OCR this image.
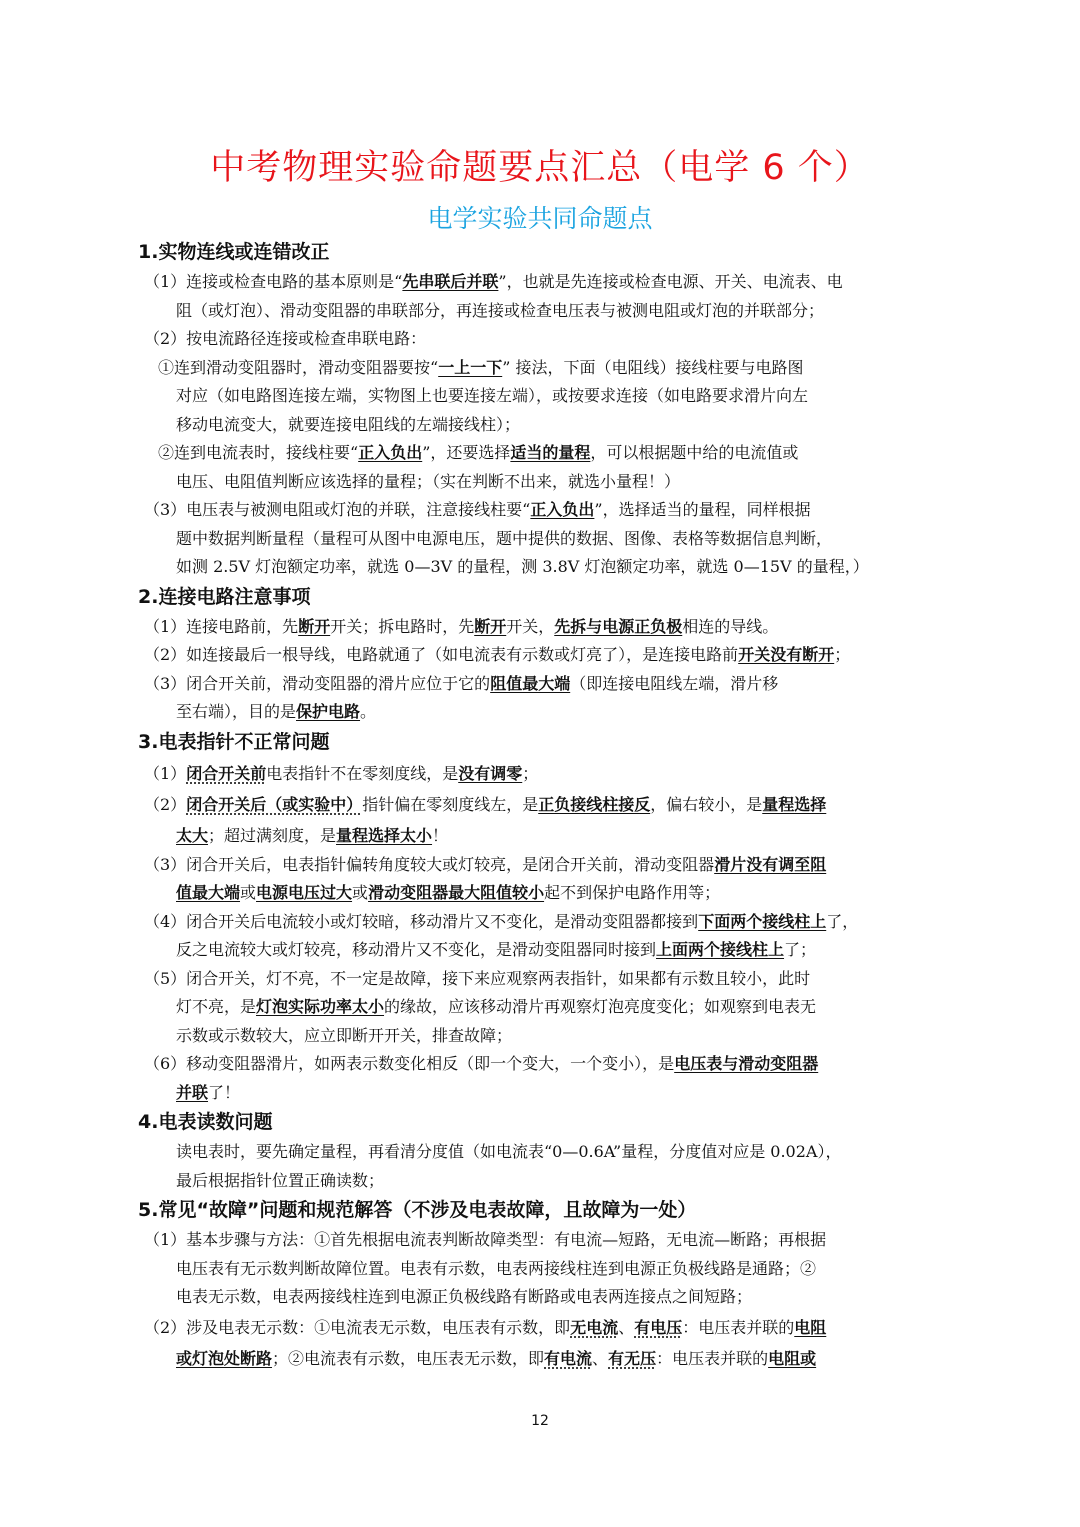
中考物理实验命题要点汇总（电学 6 个）
电学实验共同命题点
1.实物连线或连错改正
（1）连接或检查电路的基本原则是“先串联后并联”，也就是先连接或检查电源、开关、电流表、电
阻（或灯泡）、滑动变阻器的串联部分，再连接或检查电压表与被测电阻或灯泡的并联部分；
（2）按电流路径连接或检查串联电路：
①连到滑动变阻器时，滑动变阻器要按“一上一下” 接法，下面（电阻线）接线柱要与电路图
对应（如电路图连接左端，实物图上也要连接左端），或按要求连接（如电路要求滑片向左
移动电流变大，就要连接电阻线的左端接线柱）；
②连到电流表时，接线柱要“正入负出”，还要选择适当的量程，可以根据题中给的电流值或
电压、电阻值判断应该选择的量程；（实在判断不出来，就选小量程！）
（3）电压表与被测电阻或灯泡的并联，注意接线柱要“正入负出”，选择适当的量程，同样根据
题中数据判断量程（量程可从图中电源电压，题中提供的数据、图像、表格等数据信息判断，
如测 2.5V 灯泡额定功率，就选 0—3V 的量程，测 3.8V 灯泡额定功率，就选 0—15V 的量程，）
2.连接电路注意事项
（1）连接电路前，先断开开关；拆电路时，先断开开关，先拆与电源正负极相连的导线。
（2）如连接最后一根导线，电路就通了（如电流表有示数或灯亮了），是连接电路前开关没有断开；
（3）闭合开关前，滑动变阻器的滑片应位于它的阻值最大端（即连接电阻线左端，滑片移
至右端），目的是保护电路。
3.电表指针不正常问题
（1）闭合开关前电表指针不在零刻度线，是没有调零；
（2）闭合开关后（或实验中）指针偏在零刻度线左，是正负接线柱接反，偏右较小，是量程选择
太大；超过满刻度，是量程选择太小！
（3）闭合开关后，电表指针偏转角度较大或灯较亮，是闭合开关前，滑动变阻器滑片没有调至阻
值最大端或电源电压过大或滑动变阻器最大阻值较小起不到保护电路作用等；
（4）闭合开关后电流较小或灯较暗，移动滑片又不变化，是滑动变阻器都接到下面两个接线柱上了，
反之电流较大或灯较亮，移动滑片又不变化，是滑动变阻器同时接到上面两个接线柱上了；
（5）闭合开关，灯不亮，不一定是故障，接下来应观察两表指针，如果都有示数且较小，此时
灯不亮，是灯泡实际功率太小的缘故，应该移动滑片再观察灯泡亮度变化；如观察到电表无
示数或示数较大，应立即断开开关，排查故障；
（6）移动变阻器滑片，如两表示数变化相反（即一个变大，一个变小），是电压表与滑动变阻器
并联了！
4.电表读数问题
读电表时，要先确定量程，再看清分度值（如电流表“0—0.6A”量程，分度值对应是 0.02A），
最后根据指针位置正确读数；
5.常见“故障”问题和规范解答（不涉及电表故障，且故障为一处）
（1）基本步骤与方法：①首先根据电流表判断故障类型：有电流—短路，无电流—断路；再根据
电压表有无示数判断故障位置。电表有示数，电表两接线柱连到电源正负极线路是通路；②
电表无示数，电表两接线柱连到电源正负极线路有断路或电表两连接点之间短路；
（2）涉及电表无示数：①电流表无示数，电压表有示数，即无电流、有电压：电压表并联的电阻
或灯泡处断路；②电流表有示数，电压表无示数，即有电流、有无压：电压表并联的电阻或
12
